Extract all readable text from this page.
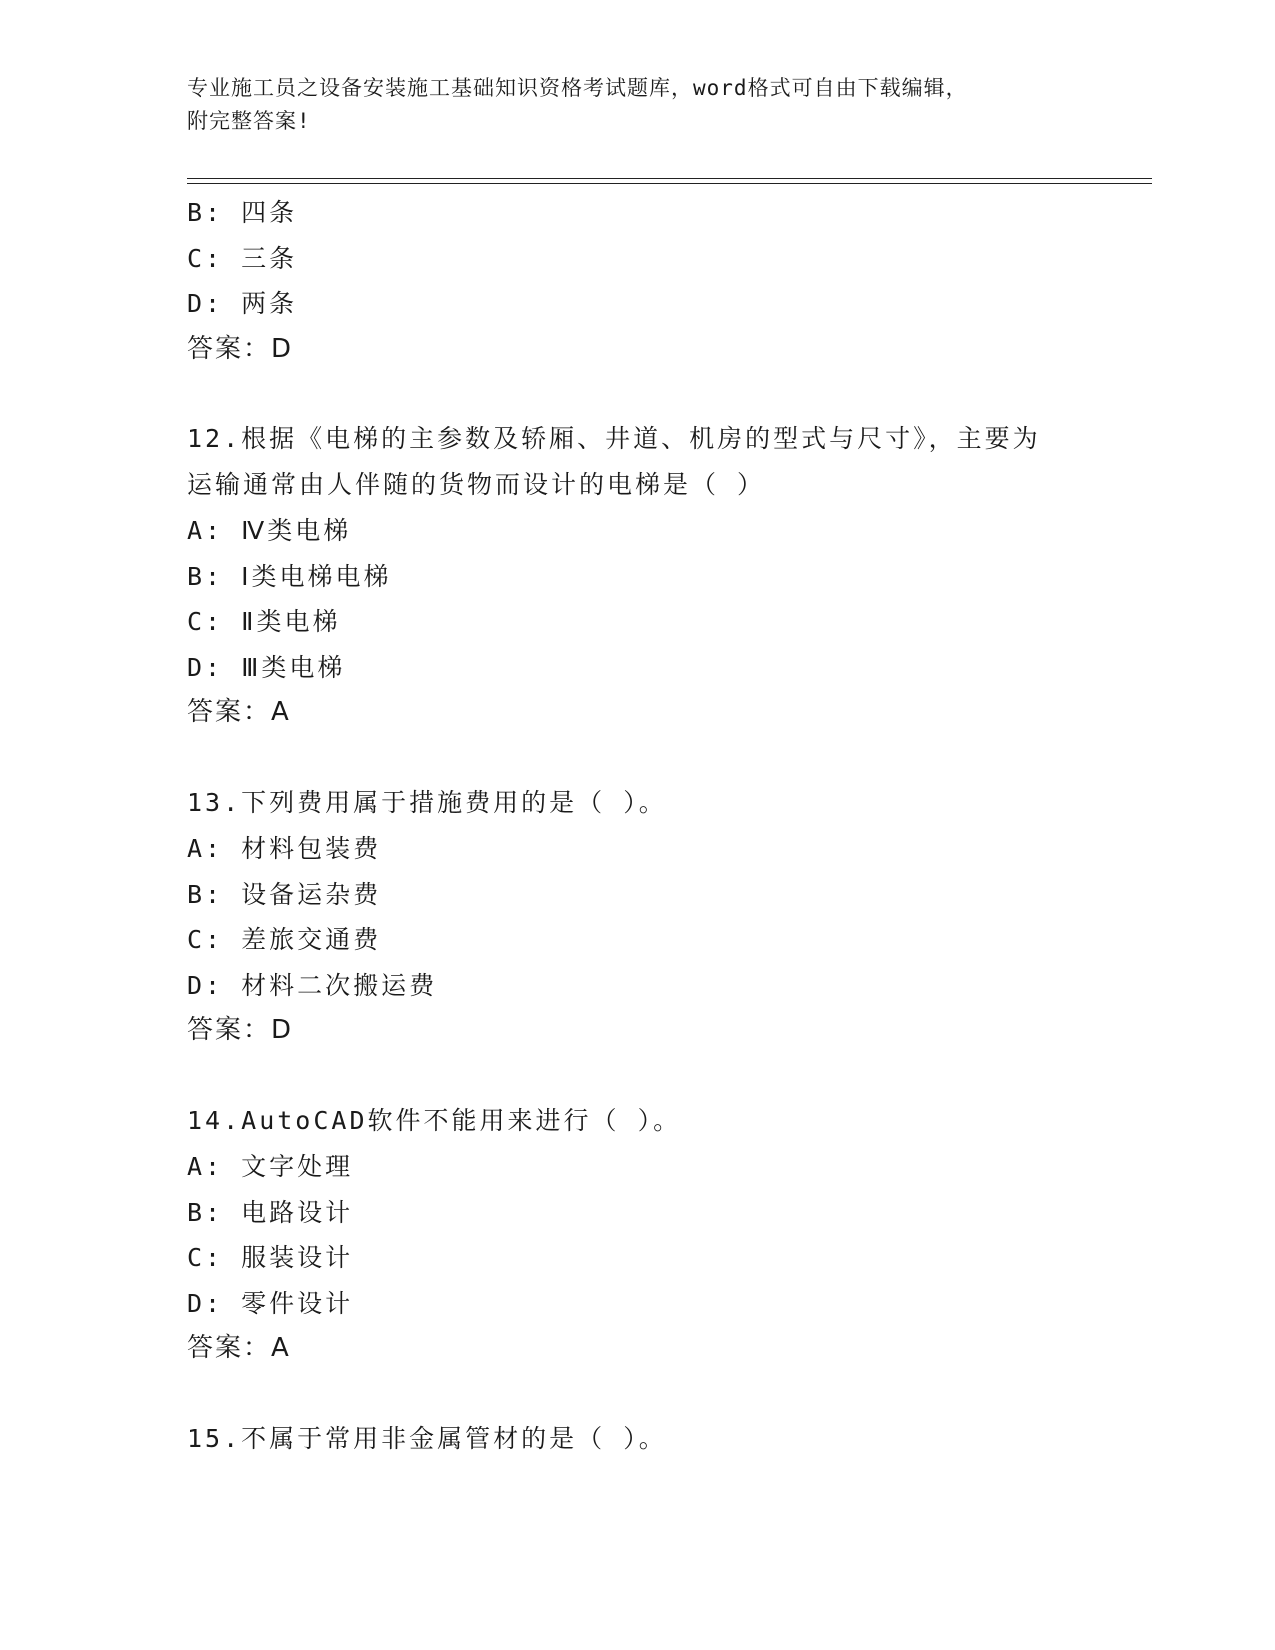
专业施工员之设备安装施工基础知识资格考试题库，word格式可自由下载编辑，
附完整答案!
B: 四条
C: 三条
D: 两条
答案：D
12.根据《电梯的主参数及轿厢、井道、机房的型式与尺寸》，主要为
运输通常由人伴随的货物而设计的电梯是（ ）
A: Ⅳ类电梯
B: Ⅰ类电梯电梯
C: Ⅱ类电梯
D: Ⅲ类电梯
答案：A
13.下列费用属于措施费用的是（ ）。
A: 材料包装费
B: 设备运杂费
C: 差旅交通费
D: 材料二次搬运费
答案：D
14.AutoCAD软件不能用来进行（ ）。
A: 文字处理
B: 电路设计
C: 服装设计
D: 零件设计
答案：A
15.不属于常用非金属管材的是（ ）。
